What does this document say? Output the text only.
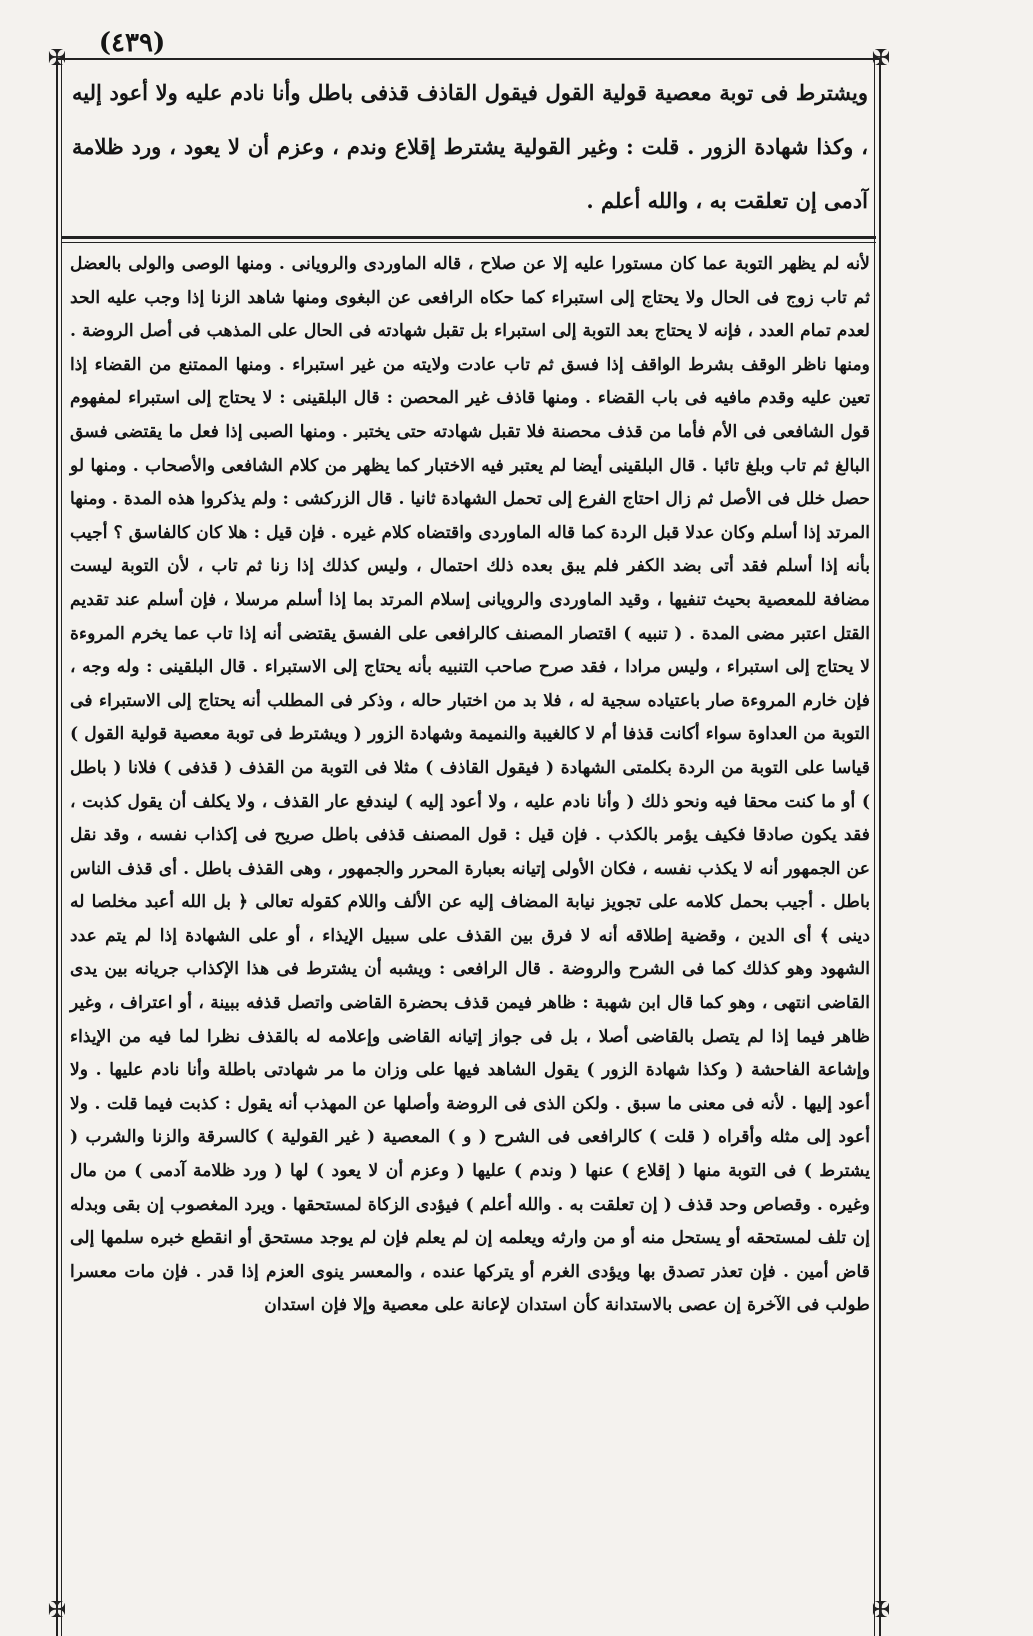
(٤٣٩)
✠	✠
✠	✠
ويشترط فى توبة معصية قولية القول فيقول القاذف قذفى باطل وأنا نادم عليه ولا أعود إليه ، وكذا شهادة الزور . قلت : وغير القولية يشترط إقلاع وندم ، وعزم أن لا يعود ، ورد ظلامة آدمى إن تعلقت به ، والله أعلم .

لأنه لم يظهر التوبة عما كان مستورا عليه إلا عن صلاح ، قاله الماوردى والرويانى . ومنها الوصى والولى بالعضل ثم تاب زوج فى الحال ولا يحتاج إلى استبراء كما حكاه الرافعى عن البغوى ومنها شاهد الزنا إذا وجب عليه الحد لعدم تمام العدد ، فإنه لا يحتاج بعد التوبة إلى استبراء بل تقبل شهادته فى الحال على المذهب فى أصل الروضة . ومنها ناظر الوقف بشرط الواقف إذا فسق ثم تاب عادت ولايته من غير استبراء . ومنها الممتنع من القضاء إذا تعين عليه وقدم مافيه فى باب القضاء . ومنها قاذف غير المحصن : قال البلقينى : لا يحتاج إلى استبراء لمفهوم قول الشافعى فى الأم فأما من قذف محصنة فلا تقبل شهادته حتى يختبر . ومنها الصبى إذا فعل ما يقتضى فسق البالغ ثم تاب وبلغ تائبا . قال البلقينى أيضا لم يعتبر فيه الاختبار كما يظهر من كلام الشافعى والأصحاب . ومنها لو حصل خلل فى الأصل ثم زال احتاج الفرع إلى تحمل الشهادة ثانيا . قال الزركشى : ولم يذكروا هذه المدة . ومنها المرتد إذا أسلم وكان عدلا قبل الردة كما قاله الماوردى واقتضاه كلام غيره . فإن قيل : هلا كان كالفاسق ؟ أجيب بأنه إذا أسلم فقد أتى بضد الكفر فلم يبق بعده ذلك احتمال ، وليس كذلك إذا زنا ثم تاب ، لأن التوبة ليست مضافة للمعصية بحيث تنفيها ، وقيد الماوردى والرويانى إسلام المرتد بما إذا أسلم مرسلا ، فإن أسلم عند تقديم القتل اعتبر مضى المدة . ( تنبيه ) اقتصار المصنف كالرافعى على الفسق يقتضى أنه إذا تاب عما يخرم المروءة لا يحتاج إلى استبراء ، وليس مرادا ، فقد صرح صاحب التنبيه بأنه يحتاج إلى الاستبراء . قال البلقينى : وله وجه ، فإن خارم المروءة صار باعتياده سجية له ، فلا بد من اختبار حاله ، وذكر فى المطلب أنه يحتاج إلى الاستبراء فى التوبة من العداوة سواء أكانت قذفا أم لا كالغيبة والنميمة وشهادة الزور ( ويشترط فى توبة معصية قولية القول ) قياسا على التوبة من الردة بكلمتى الشهادة ( فيقول القاذف ) مثلا فى التوبة من القذف ( قذفى ) فلانا ( باطل ) أو ما كنت محقا فيه ونحو ذلك ( وأنا نادم عليه ، ولا أعود إليه ) ليندفع عار القذف ، ولا يكلف أن يقول كذبت ، فقد يكون صادقا فكيف يؤمر بالكذب . فإن قيل : قول المصنف قذفى باطل صريح فى إكذاب نفسه ، وقد نقل عن الجمهور أنه لا يكذب نفسه ، فكان الأولى إتيانه بعبارة المحرر والجمهور ، وهى القذف باطل . أى قذف الناس باطل . أجيب بحمل كلامه على تجويز نيابة المضاف إليه عن الألف واللام كقوله تعالى ﴿ بل الله أعبد مخلصا له دينى ﴾ أى الدين ، وقضية إطلاقه أنه لا فرق بين القذف على سبيل الإيذاء ، أو على الشهادة إذا لم يتم عدد الشهود وهو كذلك كما فى الشرح والروضة . قال الرافعى : ويشبه أن يشترط فى هذا الإكذاب جريانه بين يدى القاضى انتهى ، وهو كما قال ابن شهبة : ظاهر فيمن قذف بحضرة القاضى واتصل قذفه ببينة ، أو اعتراف ، وغير ظاهر فيما إذا لم يتصل بالقاضى أصلا ، بل فى جواز إتيانه القاضى وإعلامه له بالقذف نظرا لما فيه من الإيذاء وإشاعة الفاحشة ( وكذا شهادة الزور ) يقول الشاهد فيها على وزان ما مر شهادتى باطلة وأنا نادم عليها . ولا أعود إليها . لأنه فى معنى ما سبق . ولكن الذى فى الروضة وأصلها عن المهذب أنه يقول : كذبت فيما قلت . ولا أعود إلى مثله وأقراه ( قلت ) كالرافعى فى الشرح ( و ) المعصية ( غير القولية ) كالسرقة والزنا والشرب ( يشترط ) فى التوبة منها ( إقلاع ) عنها ( وندم ) عليها ( وعزم أن لا يعود ) لها ( ورد ظلامة آدمى ) من مال وغيره . وقصاص وحد قذف ( إن تعلقت به . والله أعلم ) فيؤدى الزكاة لمستحقها . ويرد المغصوب إن بقى وبدله إن تلف لمستحقه أو يستحل منه أو من وارثه ويعلمه إن لم يعلم فإن لم يوجد مستحق أو انقطع خبره سلمها إلى قاض أمين . فإن تعذر تصدق بها ويؤدى الغرم أو يتركها عنده ، والمعسر ينوى العزم إذا قدر . فإن مات معسرا طولب فى الآخرة إن عصى بالاستدانة كأن استدان لإعانة على معصية وإلا فإن استدان
